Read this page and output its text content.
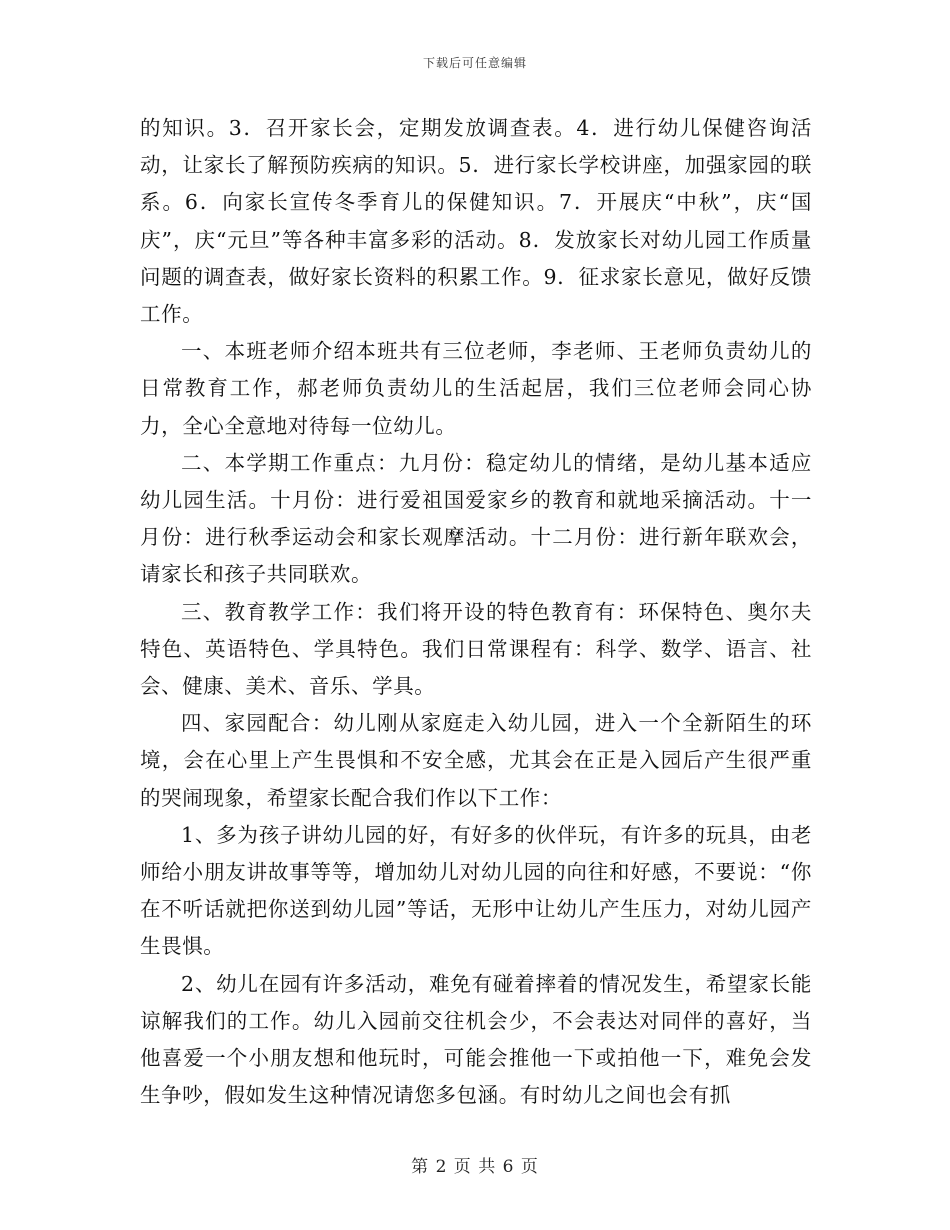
下载后可任意编辑

的知识。3．召开家长会，定期发放调查表。4．进行幼儿保健咨询活动，让家长了解预防疾病的知识。5．进行家长学校讲座，加强家园的联系。6．向家长宣传冬季育儿的保健知识。7．开展庆“中秋”，庆“国庆”，庆“元旦”等各种丰富多彩的活动。8．发放家长对幼儿园工作质量问题的调查表，做好家长资料的积累工作。9．征求家长意见，做好反馈工作。

一、本班老师介绍本班共有三位老师，李老师、王老师负责幼儿的日常教育工作，郝老师负责幼儿的生活起居，我们三位老师会同心协力，全心全意地对待每一位幼儿。

二、本学期工作重点：九月份：稳定幼儿的情绪，是幼儿基本适应幼儿园生活。十月份：进行爱祖国爱家乡的教育和就地采摘活动。十一月份：进行秋季运动会和家长观摩活动。十二月份：进行新年联欢会，请家长和孩子共同联欢。

三、教育教学工作：我们将开设的特色教育有：环保特色、奥尔夫特色、英语特色、学具特色。我们日常课程有：科学、数学、语言、社会、健康、美术、音乐、学具。

四、家园配合：幼儿刚从家庭走入幼儿园，进入一个全新陌生的环境，会在心里上产生畏惧和不安全感，尤其会在正是入园后产生很严重的哭闹现象，希望家长配合我们作以下工作：

1、多为孩子讲幼儿园的好，有好多的伙伴玩，有许多的玩具，由老师给小朋友讲故事等等，增加幼儿对幼儿园的向往和好感，不要说：“你在不听话就把你送到幼儿园”等话，无形中让幼儿产生压力，对幼儿园产生畏惧。

2、幼儿在园有许多活动，难免有碰着摔着的情况发生，希望家长能谅解我们的工作。幼儿入园前交往机会少，不会表达对同伴的喜好，当他喜爱一个小朋友想和他玩时，可能会推他一下或拍他一下，难免会发生争吵，假如发生这种情况请您多包涵。有时幼儿之间也会有抓

第 2 页 共 6 页
